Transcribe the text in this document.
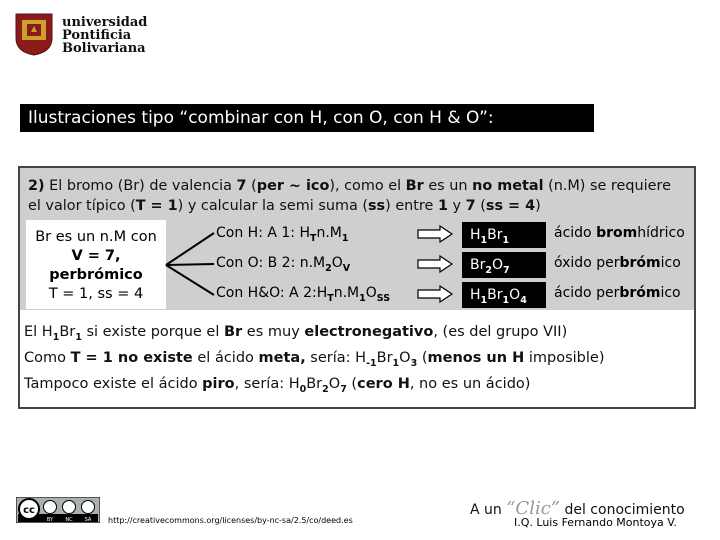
universidad
Pontificia
Bolivariana
Ilustraciones tipo “combinar con H, con O, con H & O”:
2) El bromo (Br) de valencia 7 (per ~ ico), como el Br es un no metal (n.M) se requiere el valor típico (T = 1) y calcular la semi suma (ss) entre 1 y 7 (ss = 4)
Br es un n.M con
V = 7,
perbrómico
T = 1, ss = 4
Con H: A 1: $H_Tn.M_1$
Con O: B 2: $n.M_2O_V$
Con H&O: A $2:H_Tn.M_1O_{SS}$
$H_1Br_1$
$Br_2O_7$
$H_1Br_1O_4$
ácido bromhídrico
óxido perbrómico
ácido perbrómico
El $H_1Br_1$ si existe porque el Br es muy electronegativo, (es del grupo VII)
Como T = 1 no existe el ácido meta, sería: $H_{-1}Br_1O_3$ (menos un H imposible)
Tampoco existe el ácido piro, sería: $H_0Br_2O_7$ (cero H, no es un ácido)
cc
BY NC SA http://creativecommons.org/licenses/by-nc-sa/2.5/co/deed.es
A un “Clic” del conocimiento
I.Q. Luis Fernando Montoya V.
